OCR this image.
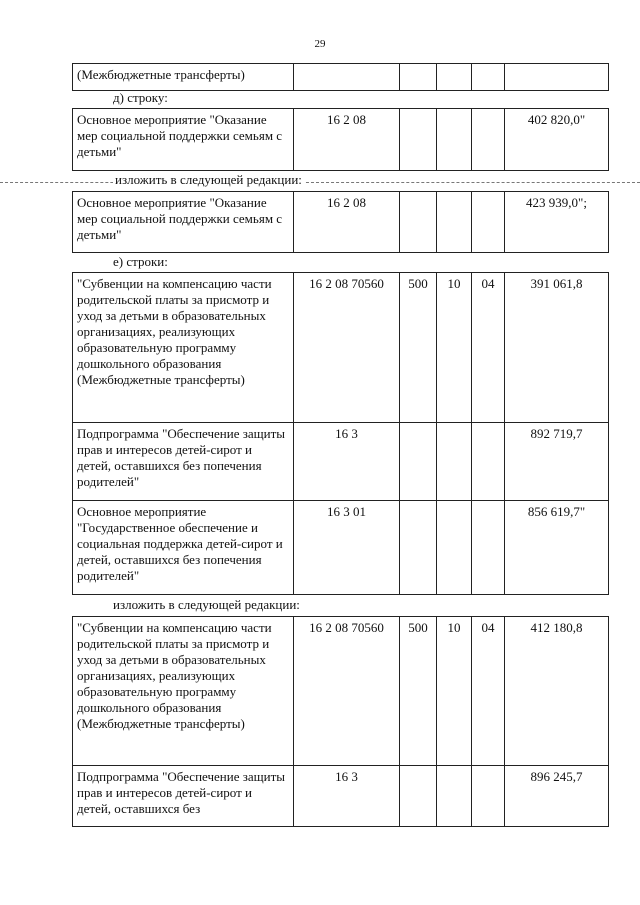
29
(Межбюджетные трансферты)					
д) строку:
Основное мероприятие "Оказание мер социальной поддержки семьям с детьми"	16 2 08				402 820,0"
изложить в следующей редакции:
Основное мероприятие "Оказание мер социальной поддержки семьям с детьми"	16 2 08				423 939,0";
е) строки:
"Субвенции на компенсацию части родительской платы за присмотр и уход за детьми в образовательных организациях, реализующих образовательную программу дошкольного образования (Межбюджетные трансферты)	16 2 08 70560	500	10	04	391 061,8
Подпрограмма "Обеспечение защиты прав и интересов детей-сирот и детей, оставшихся без попечения родителей"	16 3				892 719,7
Основное мероприятие "Государственное обеспечение и социальная поддержка детей-сирот и детей, оставшихся без попечения родителей"	16 3 01				856 619,7"
изложить в следующей редакции:
"Субвенции на компенсацию части родительской платы за присмотр и уход за детьми в образовательных организациях, реализующих образовательную программу дошкольного образования (Межбюджетные трансферты)	16 2 08 70560	500	10	04	412 180,8
Подпрограмма "Обеспечение защиты прав и интересов детей-сирот и детей, оставшихся без	16 3				896 245,7
